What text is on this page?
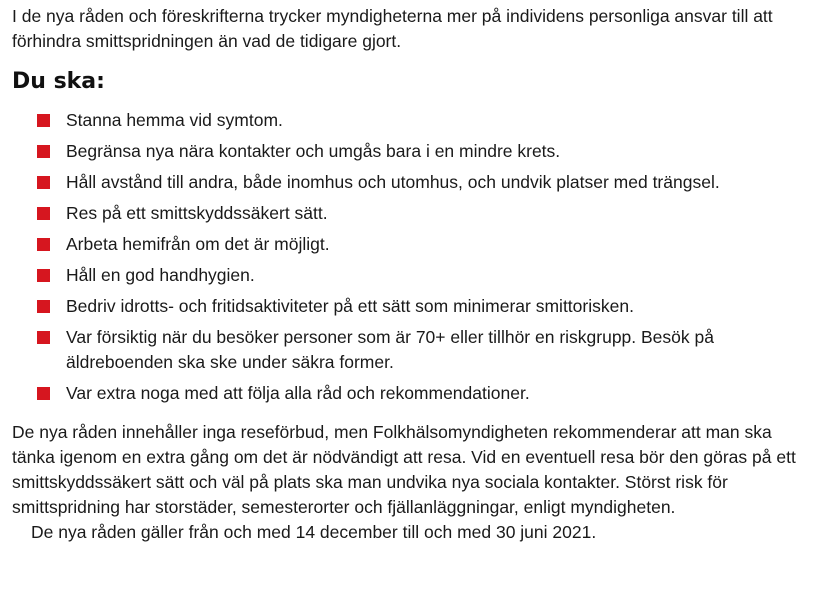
I de nya råden och föreskrifterna trycker myndigheterna mer på individens personliga ansvar till att förhindra smittspridningen än vad de tidigare gjort.

Du ska:
Stanna hemma vid symtom.
Begränsa nya nära kontakter och umgås bara i en mindre krets.
Håll avstånd till andra, både inomhus och utomhus, och undvik platser med trängsel.
Res på ett smittskyddssäkert sätt.
Arbeta hemifrån om det är möjligt.
Håll en god handhygien.
Bedriv idrotts- och fritidsaktiviteter på ett sätt som minimerar smittorisken.
Var försiktig när du besöker personer som är 70+ eller tillhör en riskgrupp. Besök på äldreboenden ska ske under säkra former.
Var extra noga med att följa alla råd och rekommendationer.

De nya råden innehåller inga reseförbud, men Folkhälsomyndigheten rekommenderar att man ska tänka igenom en extra gång om det är nödvändigt att resa. Vid en eventuell resa bör den göras på ett smittskyddssäkert sätt och väl på plats ska man undvika nya sociala kontakter. Störst risk för smittspridning har storstäder, semesterorter och fjällanläggningar, enligt myndigheten.

De nya råden gäller från och med 14 december till och med 30 juni 2021.
